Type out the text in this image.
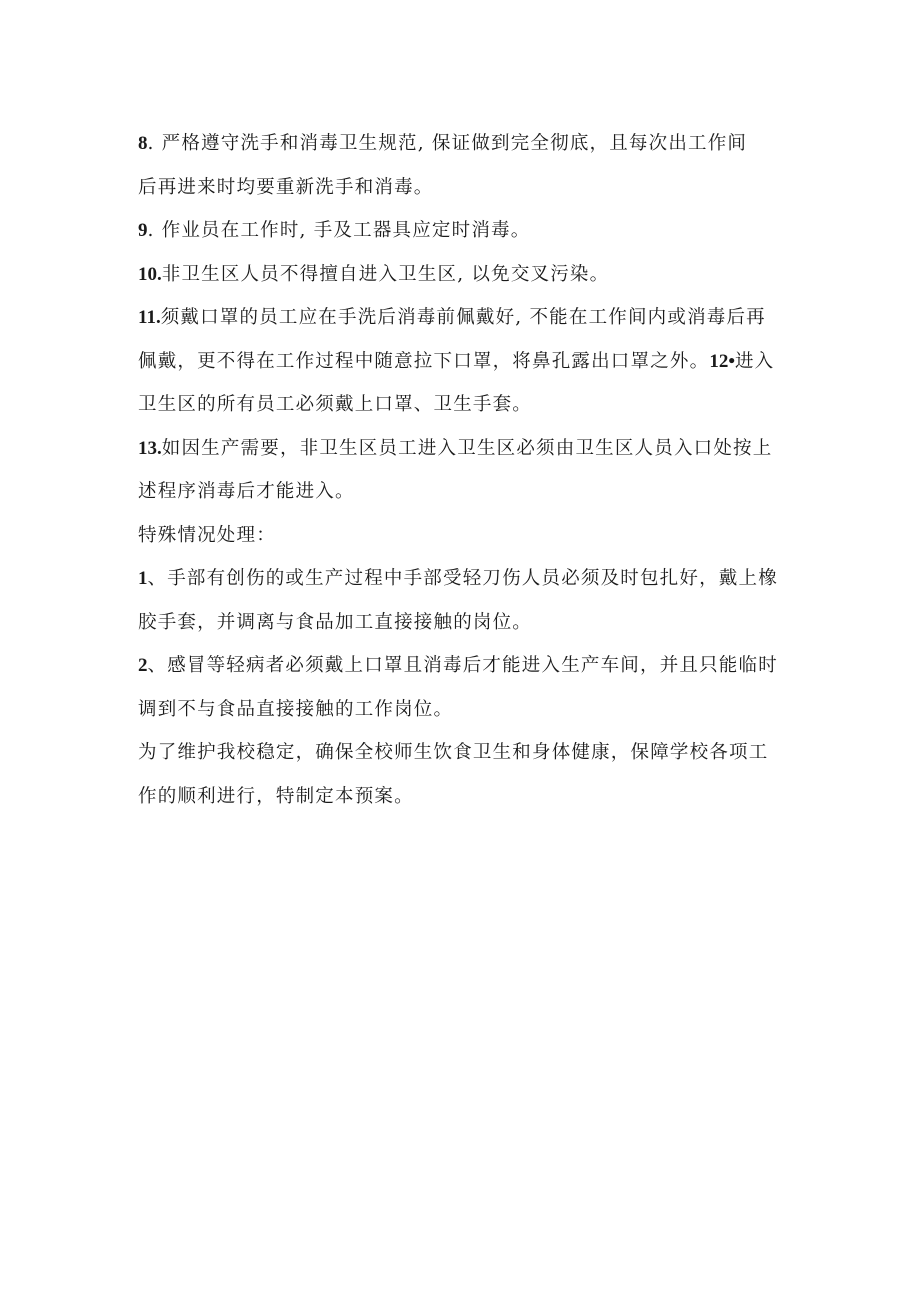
8. 严格遵守洗手和消毒卫生规范, 保证做到完全彻底，且每次出工作间
后再进来时均要重新洗手和消毒。
9. 作业员在工作时, 手及工器具应定时消毒。
10.非卫生区人员不得擅自进入卫生区, 以免交叉污染。
11.须戴口罩的员工应在手洗后消毒前佩戴好, 不能在工作间内或消毒后再
佩戴，更不得在工作过程中随意拉下口罩，将鼻孔露出口罩之外。12•进入
卫生区的所有员工必须戴上口罩、卫生手套。
13.如因生产需要，非卫生区员工进入卫生区必须由卫生区人员入口处按上
述程序消毒后才能进入。
特殊情况处理：
1、手部有创伤的或生产过程中手部受轻刀伤人员必须及时包扎好，戴上橡
胶手套，并调离与食品加工直接接触的岗位。
2、感冒等轻病者必须戴上口罩且消毒后才能进入生产车间，并且只能临时
调到不与食品直接接触的工作岗位。
为了维护我校稳定，确保全校师生饮食卫生和身体健康，保障学校各项工
作的顺利进行，特制定本预案。
